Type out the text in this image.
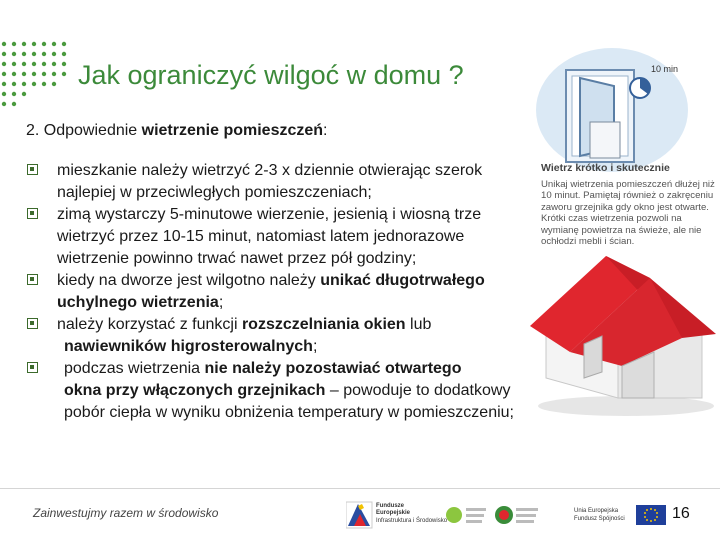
Jak ograniczyć wilgoć w domu ?
2. Odpowiednie wietrzenie pomieszczeń:

mieszkanie należy wietrzyć 2-3 x dziennie otwierając szerok

najlepiej w przeciwległych pomieszczeniach;

zimą wystarczy 5-minutowe wierzenie, jesienią i wiosną trze

wietrzyć przez 10-15 minut, natomiast latem jednorazowe

wietrzenie powinno trwać nawet przez pół godziny;

kiedy na dworze jest wilgotno należy unikać długotrwałego

uchylnego wietrzenia;

należy korzystać z funkcji rozszczelniania okien lub

nawiewników higrosterowalnych;

podczas wietrzenia nie należy pozostawiać otwartego

okna przy włączonych grzejnikach – powoduje to dodatkowy

pobór ciepła w wyniku obniżenia temperatury w pomieszczeniu;

10 min
Wietrz krótko i skutecznie
Unikaj wietrzenia pomieszczeń dłużej niż 10 minut. Pamiętaj również o zakręceniu zaworu grzejnika gdy okno jest otwarte. Krótki czas wietrzenia pozwoli na wymianę powietrza na świeże, ale nie ochłodzi mebli i ścian.
Zainwestujmy razem w środowisko	Fundusze
Europejskie
Infrastruktura i Środowisko
Unia Europejska
Fundusz Spójności	16
